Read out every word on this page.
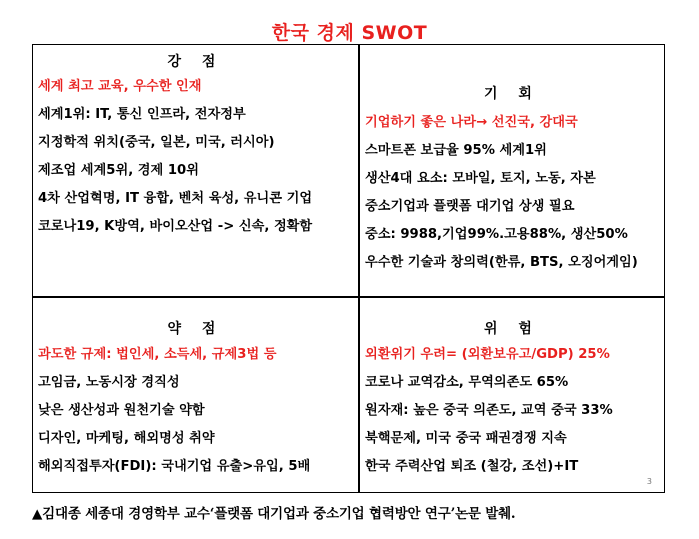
한국 경제 SWOT
강 점
세계 최고 교육, 우수한 인재
세계1위: IT, 통신 인프라, 전자정부
지정학적 위치(중국, 일본, 미국, 러시아)
제조업 세계5위, 경제 10위
4차 산업혁명, IT 융합, 벤처 육성, 유니콘 기업
코로나19, K방역, 바이오산업 -> 신속, 정확함
기 회
기업하기 좋은 나라→ 선진국, 강대국
스마트폰 보급율 95% 세계1위
생산4대 요소: 모바일, 토지, 노동, 자본
중소기업과 플랫폼 대기업 상생 필요
중소: 9988,기업99%.고용88%, 생산50%
우수한 기술과 창의력(한류, BTS, 오징어게임)
약 점
과도한 규제: 법인세, 소득세, 규제3법 등
고임금, 노동시장 경직성
낮은 생산성과 원천기술 약함
디자인, 마케팅, 해외명성 취약
해외직접투자(FDI): 국내기업 유출>유입, 5배
위 험
외환위기 우려= (외환보유고/GDP) 25%
코로나 교역감소, 무역의존도 65%
원자재: 높은 중국 의존도, 교역 중국 33%
북핵문제, 미국 중국 패권경쟁 지속
한국 주력산업 퇴조 (철강, 조선)+IT
3
▲김대종 세종대 경영학부 교수‘플랫폼 대기업과 중소기업 협력방안 연구’논문 발췌.
